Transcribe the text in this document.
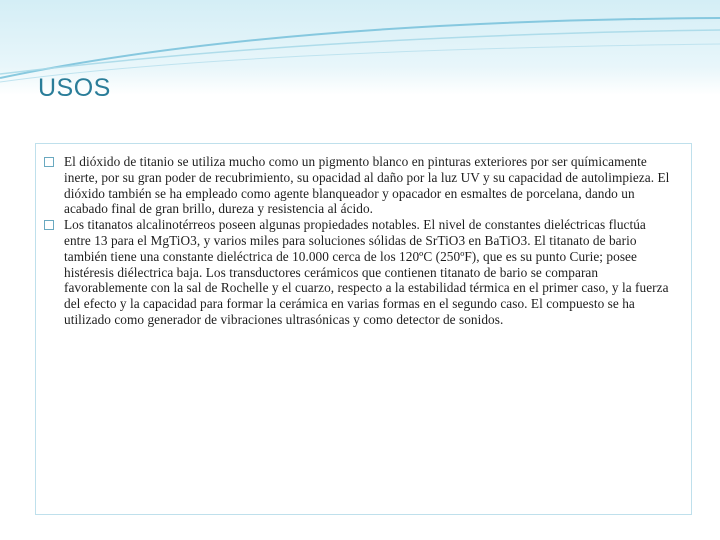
USOS
El dióxido de titanio se utiliza mucho como un pigmento blanco en pinturas exteriores por ser químicamente inerte, por su gran poder de recubrimiento, su opacidad al daño por la luz UV y su capacidad de autolimpieza. El dióxido también se ha empleado como agente blanqueador y opacador en esmaltes de porcelana, dando un acabado final de gran brillo, dureza y resistencia al ácido.
Los titanatos alcalinotérreos poseen algunas propiedades notables. El nivel de constantes dieléctricas fluctúa entre 13 para el MgTiO3, y varios miles para soluciones sólidas de SrTiO3 en BaTiO3. El titanato de bario también tiene una constante dieléctrica de 10.000 cerca de los 120ºC (250ºF), que es su punto Curie; posee histéresis diélectrica baja. Los transductores cerámicos que contienen titanato de bario se comparan favorablemente con la sal de Rochelle y el cuarzo, respecto a la estabilidad térmica en el primer caso, y la fuerza del efecto y la capacidad para formar la cerámica en varias formas en el segundo caso. El compuesto se ha utilizado como generador de vibraciones ultrasónicas y como detector de sonidos.
